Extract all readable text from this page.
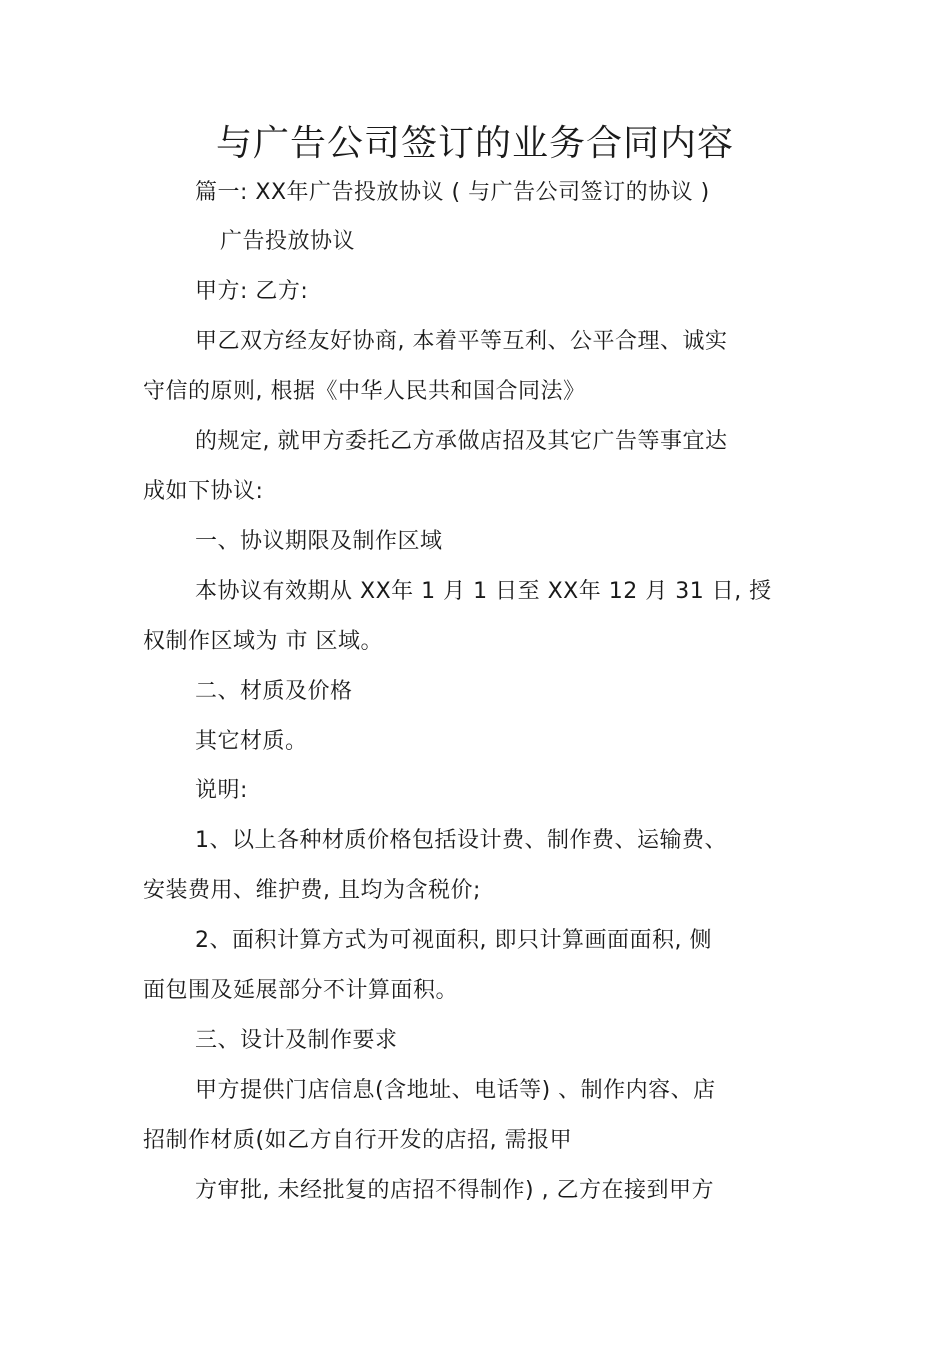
与广告公司签订的业务合同内容
篇一: XX年广告投放协议 ( 与广告公司签订的协议 )
广告投放协议
甲方: 乙方:
甲乙双方经友好协商, 本着平等互利、公平合理、诚实
守信的原则, 根据《中华人民共和国合同法》
的规定, 就甲方委托乙方承做店招及其它广告等事宜达
成如下协议:
一、协议期限及制作区域
本协议有效期从 XX年 1 月 1 日至 XX年 12 月 31 日, 授
权制作区域为 市 区域。
二、材质及价格
其它材质。
说明:
1、以上各种材质价格包括设计费、制作费、运输费、
安装费用、维护费, 且均为含税价;
2、面积计算方式为可视面积, 即只计算画面面积, 侧
面包围及延展部分不计算面积。
三、设计及制作要求
甲方提供门店信息(含地址、电话等) 、制作内容、店
招制作材质(如乙方自行开发的店招, 需报甲
方审批, 未经批复的店招不得制作) , 乙方在接到甲方
